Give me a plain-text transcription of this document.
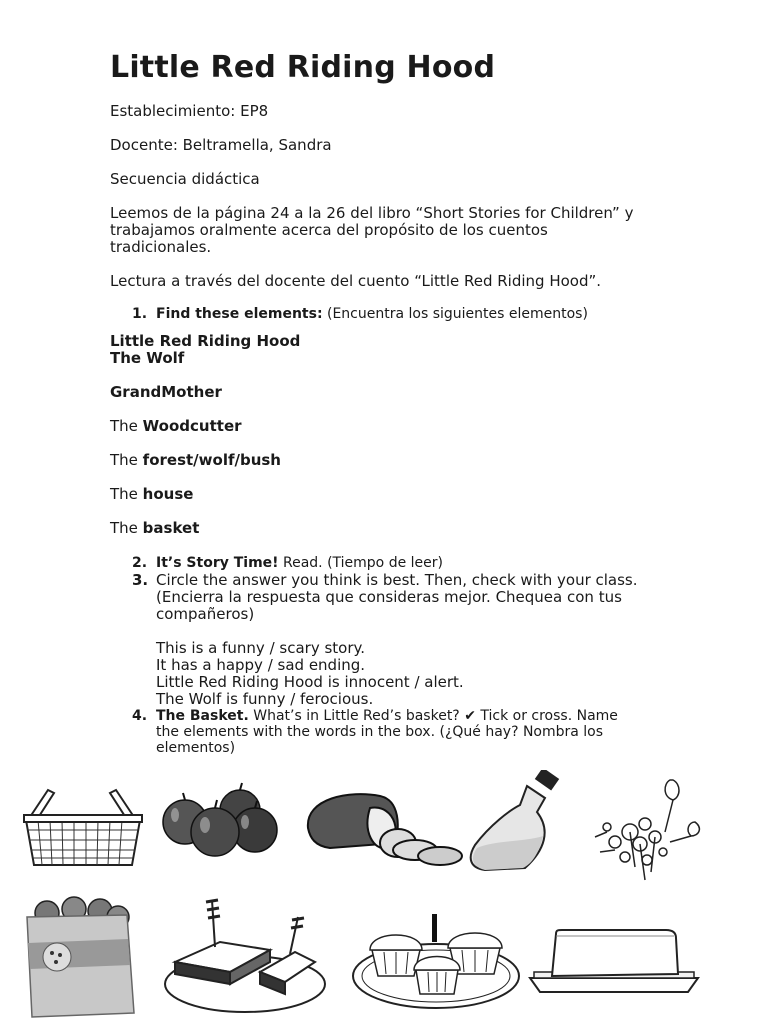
Little Red Riding Hood

Establecimiento: EP8

Docente: Beltramella, Sandra

Secuencia didáctica

Leemos de la página 24 a la 26 del libro “Short Stories for Children” y

trabajamos oralmente acerca del propósito de los cuentos

tradicionales.

Lectura a través del docente del cuento “Little Red Riding Hood”.

1. Find these elements: (Encuentra los siguientes elementos)

Little Red Riding Hood

The Wolf

GrandMother

The Woodcutter

The forest/wolf/bush

The house

The basket

2. It’s Story Time! Read. (Tiempo de leer)
3. Circle the answer you think is best. Then, check with your class.
(Encierra la respuesta que consideras mejor. Chequea con tus
compañeros)
This is a funny / scary story.
It has a happy / sad ending.
Little Red Riding Hood is innocent / alert.
The Wolf is funny / ferocious.
4. The Basket. What’s in Little Red’s basket? ✔ Tick or cross. Name
the elements with the words in the box. (¿Qué hay? Nombra los
elementos)
